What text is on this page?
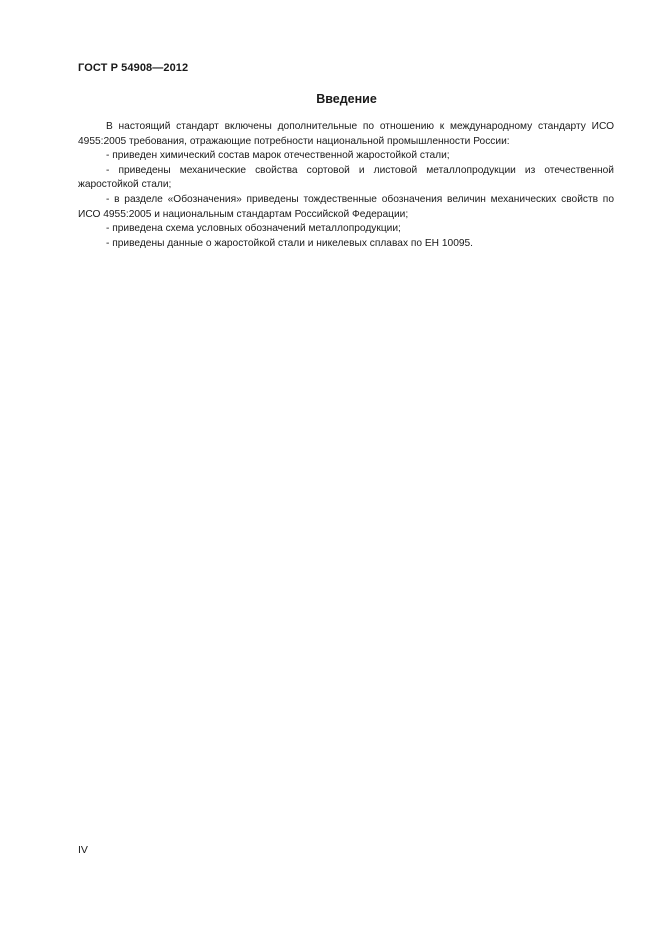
ГОСТ Р 54908—2012
Введение

В настоящий стандарт включены дополнительные по отношению к международному стандарту ИСО 4955:2005 требования, отражающие потребности национальной промышленности России:

- приведен химический состав марок отечественной жаростойкой стали;

- приведены механические свойства сортовой и листовой металлопродукции из отечественной жаростойкой стали;

- в разделе «Обозначения» приведены тождественные обозначения величин механических свойств по ИСО 4955:2005 и национальным стандартам Российской Федерации;

- приведена схема условных обозначений металлопродукции;

- приведены данные о жаростойкой стали и никелевых сплавах по ЕН 10095.

IV
